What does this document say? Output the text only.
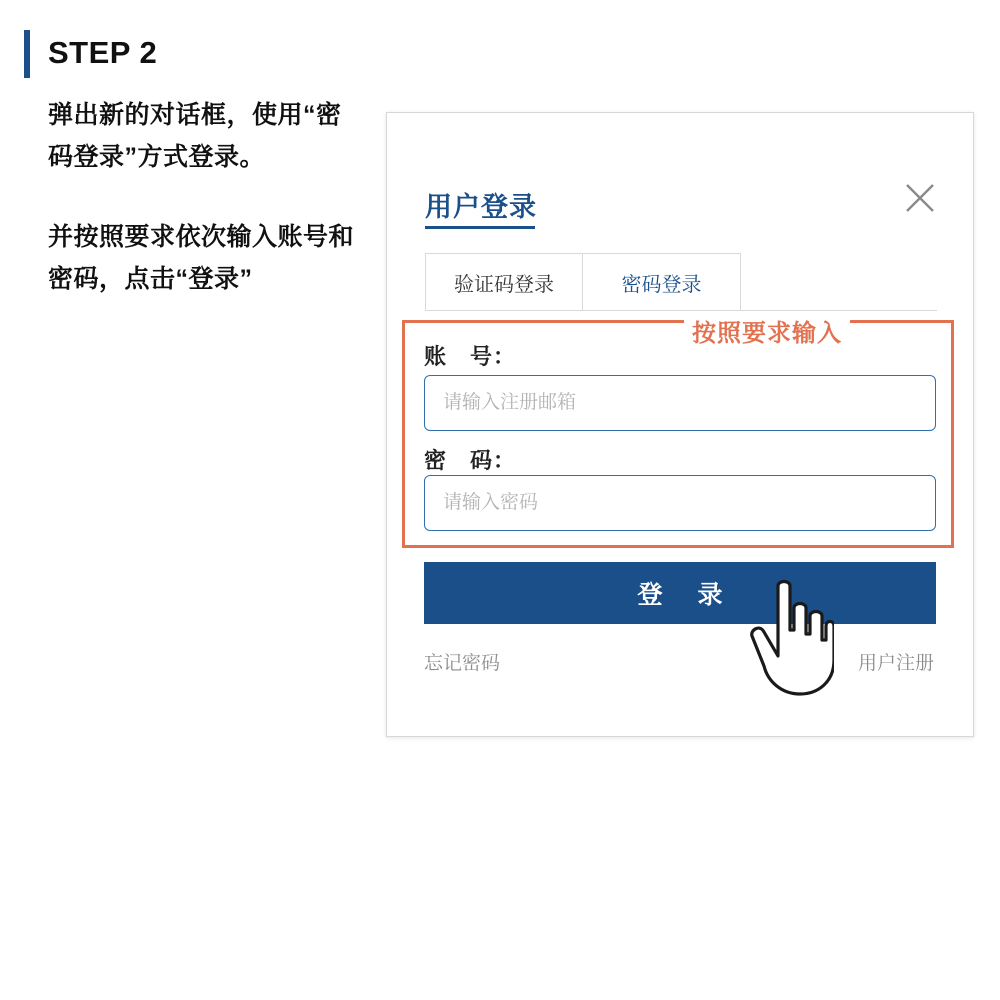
STEP 2
弹出新的对话框，使用“密码登录”方式登录。
并按照要求依次输入账号和密码，点击“登录”
用户登录
验证码登录	密码登录
按照要求输入
账　号：
请输入注册邮箱
密　码：
登 录
忘记密码	用户注册
